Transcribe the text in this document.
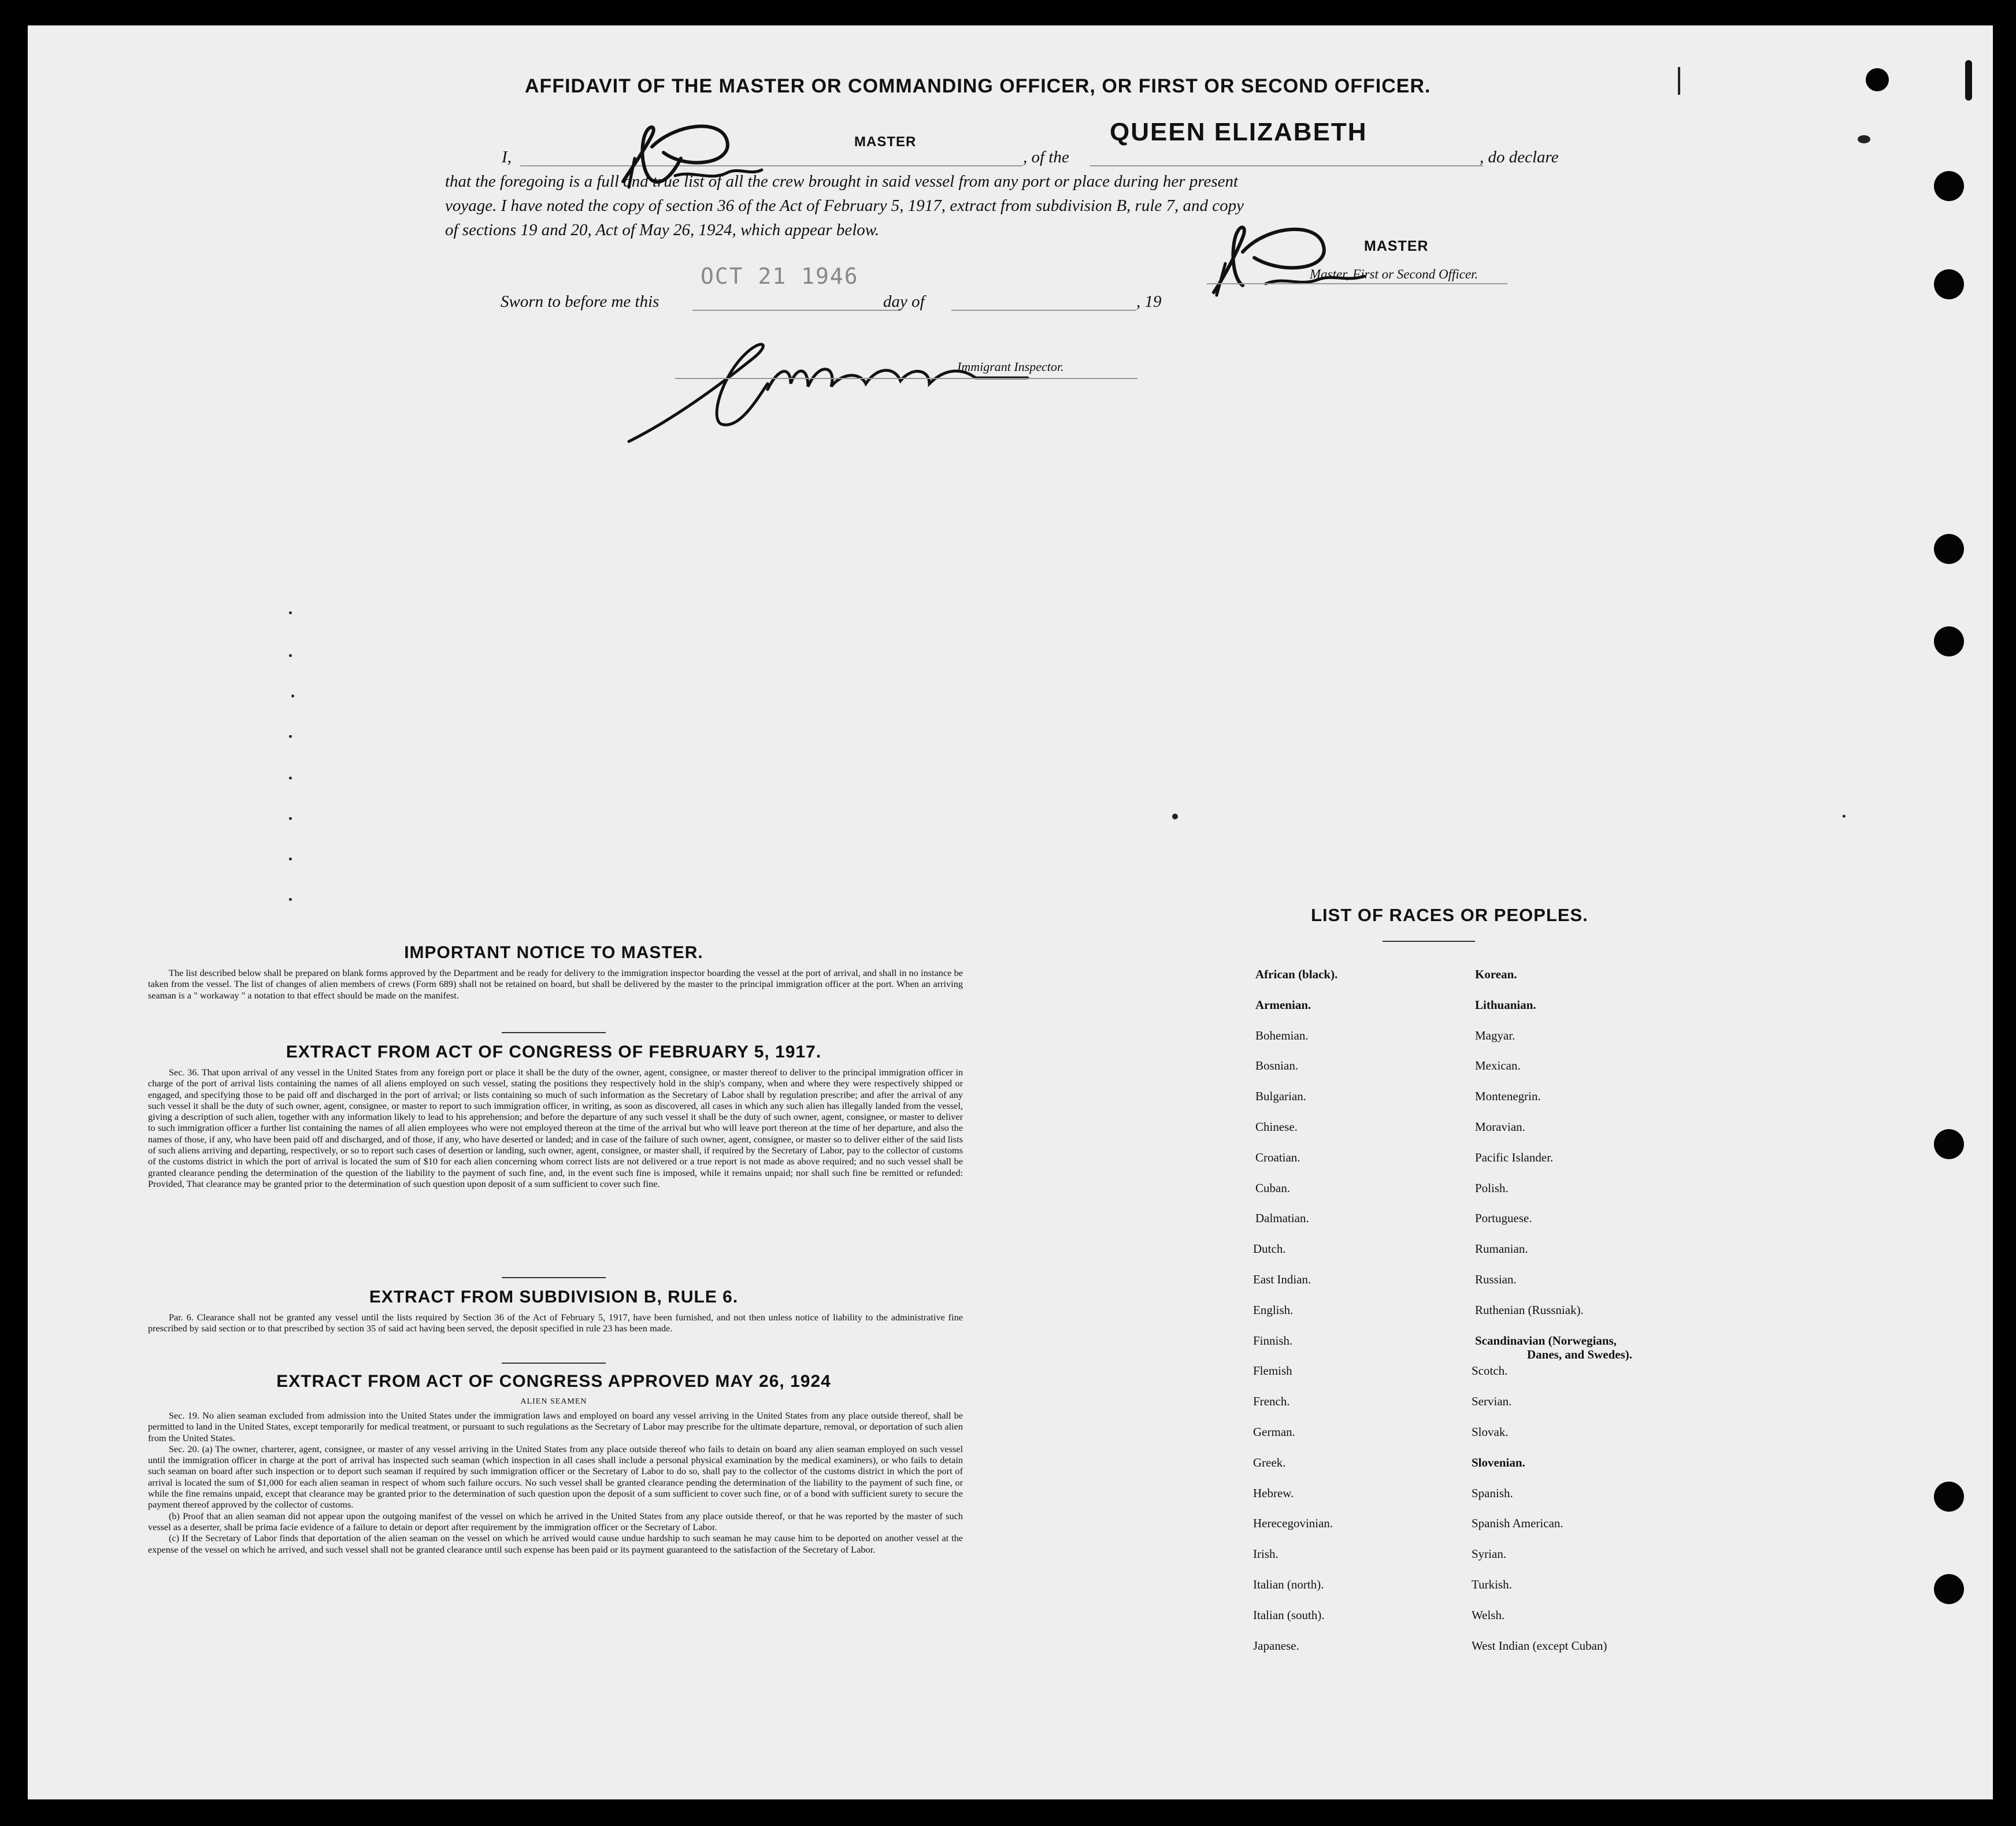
AFFIDAVIT OF THE MASTER OR COMMANDING OFFICER, OR FIRST OR SECOND OFFICER.
I,
MASTER
, of the
QUEEN ELIZABETH
, do declare
that the foregoing is a full and true list of all the crew brought in said vessel from any port or place during her present
voyage. I have noted the copy of section 36 of the Act of February 5, 1917, extract from subdivision B, rule 7, and copy
of sections 19 and 20, Act of May 26, 1924, which appear below.
MASTER
Master, First or Second Officer.
OCT 21 1946
Sworn to before me this	day of	, 19
Immigrant Inspector.
IMPORTANT NOTICE TO MASTER.

The list described below shall be prepared on blank forms approved by the Department and be ready for delivery to the immigration inspector boarding the vessel at the port of arrival, and shall in no instance be taken from the vessel. The list of changes of alien members of crews (Form 689) shall not be retained on board, but shall be delivered by the master to the principal immigration officer at the port. When an arriving seaman is a " workaway " a notation to that effect should be made on the manifest.

EXTRACT FROM ACT OF CONGRESS OF FEBRUARY 5, 1917.

Sec. 36. That upon arrival of any vessel in the United States from any foreign port or place it shall be the duty of the owner, agent, consignee, or master thereof to deliver to the principal immigration officer in charge of the port of arrival lists containing the names of all aliens employed on such vessel, stating the positions they respectively hold in the ship's company, when and where they were respectively shipped or engaged, and specifying those to be paid off and discharged in the port of arrival; or lists containing so much of such information as the Secretary of Labor shall by regulation prescribe; and after the arrival of any such vessel it shall be the duty of such owner, agent, consignee, or master to report to such immigration officer, in writing, as soon as discovered, all cases in which any such alien has illegally landed from the vessel, giving a description of such alien, together with any information likely to lead to his apprehension; and before the departure of any such vessel it shall be the duty of such owner, agent, consignee, or master to deliver to such immigration officer a further list containing the names of all alien employees who were not employed thereon at the time of the arrival but who will leave port thereon at the time of her departure, and also the names of those, if any, who have been paid off and discharged, and of those, if any, who have deserted or landed; and in case of the failure of such owner, agent, consignee, or master so to deliver either of the said lists of such aliens arriving and departing, respectively, or so to report such cases of desertion or landing, such owner, agent, consignee, or master shall, if required by the Secretary of Labor, pay to the collector of customs of the customs district in which the port of arrival is located the sum of $10 for each alien concerning whom correct lists are not delivered or a true report is not made as above required; and no such vessel shall be granted clearance pending the determination of the question of the liability to the payment of such fine, and, in the event such fine is imposed, while it remains unpaid; nor shall such fine be remitted or refunded: Provided, That clearance may be granted prior to the determination of such question upon deposit of a sum sufficient to cover such fine.

EXTRACT FROM SUBDIVISION B, RULE 6.

Par. 6. Clearance shall not be granted any vessel until the lists required by Section 36 of the Act of February 5, 1917, have been furnished, and not then unless notice of liability to the administrative fine prescribed by said section or to that prescribed by section 35 of said act having been served, the deposit specified in rule 23 has been made.

EXTRACT FROM ACT OF CONGRESS APPROVED MAY 26, 1924
ALIEN SEAMEN

Sec. 19. No alien seaman excluded from admission into the United States under the immigration laws and employed on board any vessel arriving in the United States from any place outside thereof, shall be permitted to land in the United States, except temporarily for medical treatment, or pursuant to such regulations as the Secretary of Labor may prescribe for the ultimate departure, removal, or deportation of such alien from the United States.

Sec. 20. (a) The owner, charterer, agent, consignee, or master of any vessel arriving in the United States from any place outside thereof who fails to detain on board any alien seaman employed on such vessel until the immigration officer in charge at the port of arrival has inspected such seaman (which inspection in all cases shall include a personal physical examination by the medical examiners), or who fails to detain such seaman on board after such inspection or to deport such seaman if required by such immigration officer or the Secretary of Labor to do so, shall pay to the collector of the customs district in which the port of arrival is located the sum of $1,000 for each alien seaman in respect of whom such failure occurs. No such vessel shall be granted clearance pending the determination of the liability to the payment of such fine, or while the fine remains unpaid, except that clearance may be granted prior to the determination of such question upon the deposit of a sum sufficient to cover such fine, or of a bond with sufficient surety to secure the payment thereof approved by the collector of customs.

(b) Proof that an alien seaman did not appear upon the outgoing manifest of the vessel on which he arrived in the United States from any place outside thereof, or that he was reported by the master of such vessel as a deserter, shall be prima facie evidence of a failure to detain or deport after requirement by the immigration officer or the Secretary of Labor.

(c) If the Secretary of Labor finds that deportation of the alien seaman on the vessel on which he arrived would cause undue hardship to such seaman he may cause him to be deported on another vessel at the expense of the vessel on which he arrived, and such vessel shall not be granted clearance until such expense has been paid or its payment guaranteed to the satisfaction of the Secretary of Labor.

LIST OF RACES OR PEOPLES.
African (black).
Armenian.
Bohemian.
Bosnian.
Bulgarian.
Chinese.
Croatian.
Cuban.
Dalmatian.
Dutch.
East Indian.
English.
Finnish.
Flemish
French.
German.
Greek.
Hebrew.
Herecegovinian.
Irish.
Italian (north).
Italian (south).
Japanese.
Korean.
Lithuanian.
Magyar.
Mexican.
Montenegrin.
Moravian.
Pacific Islander.
Polish.
Portuguese.
Rumanian.
Russian.
Ruthenian (Russniak).
Scandinavian (Norwegians,
Danes, and Swedes).
Scotch.
Servian.
Slovak.
Slovenian.
Spanish.
Spanish American.
Syrian.
Turkish.
Welsh.
West Indian (except Cuban)
